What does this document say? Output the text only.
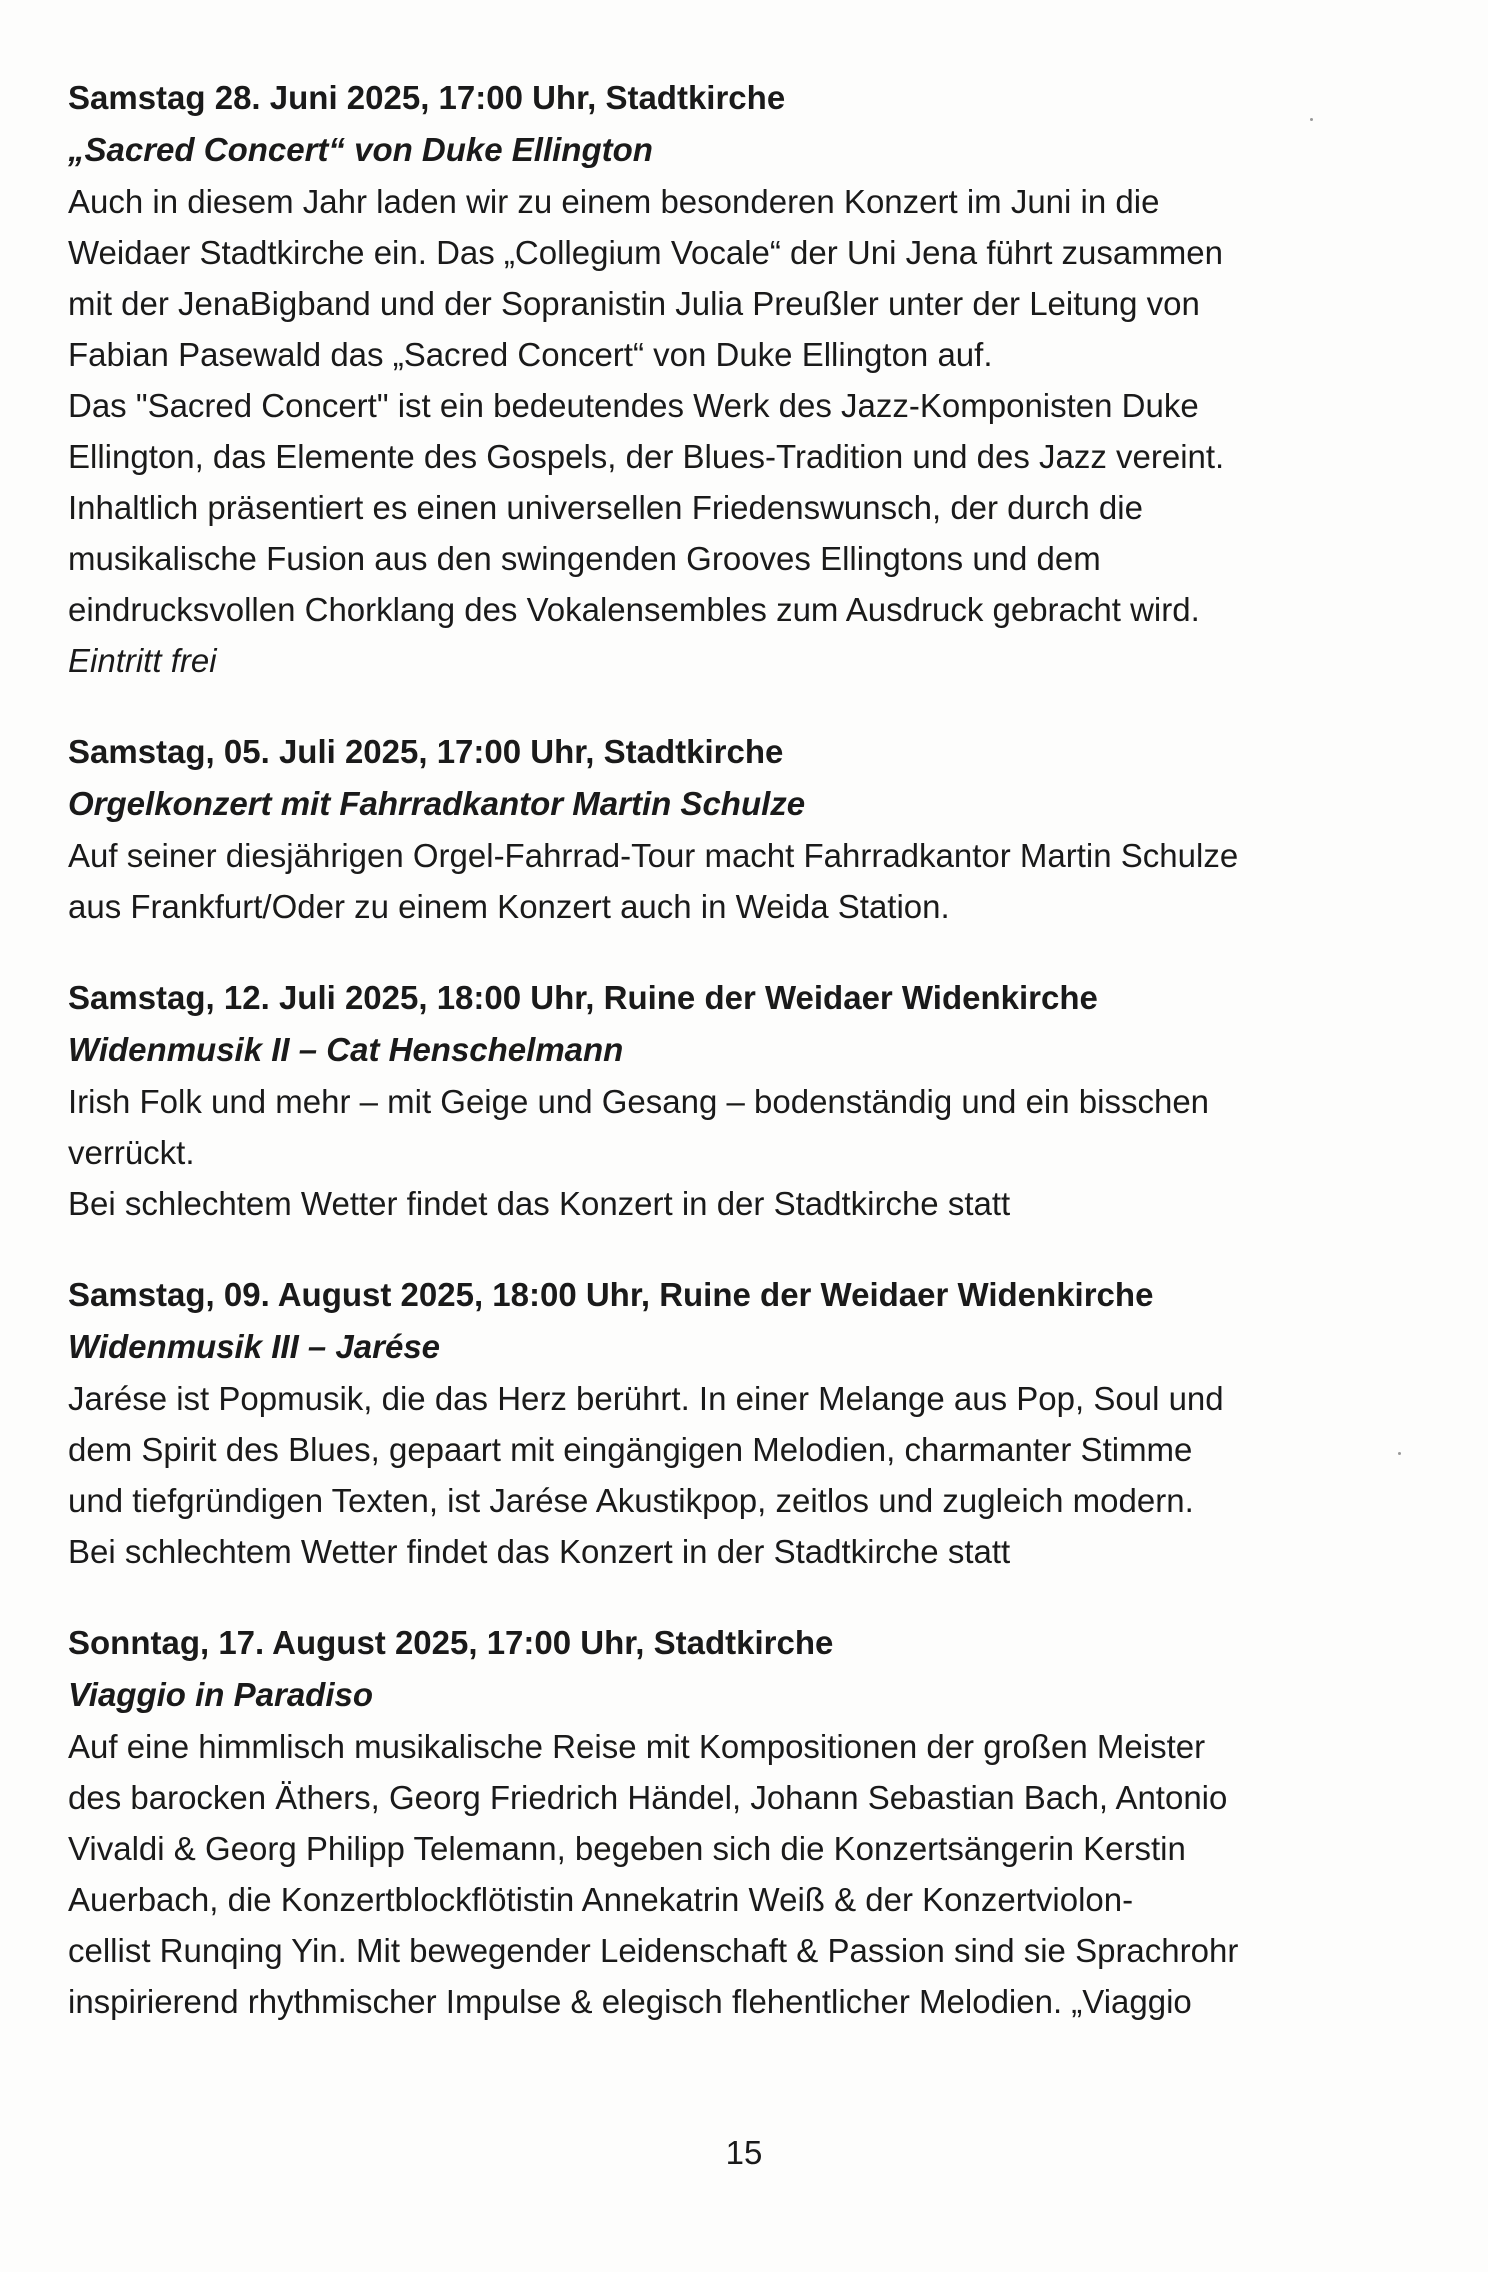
Samstag 28. Juni 2025, 17:00 Uhr, Stadtkirche
„Sacred Concert“ von Duke Ellington

Auch in diesem Jahr laden wir zu einem besonderen Konzert im Juni in die

Weidaer Stadtkirche ein. Das „Collegium Vocale“ der Uni Jena führt zusammen

mit der JenaBigband und der Sopranistin Julia Preußler unter der Leitung von

Fabian Pasewald das „Sacred Concert“ von Duke Ellington auf.

Das "Sacred Concert" ist ein bedeutendes Werk des Jazz-Komponisten Duke

Ellington, das Elemente des Gospels, der Blues-Tradition und des Jazz vereint.

Inhaltlich präsentiert es einen universellen Friedenswunsch, der durch die

musikalische Fusion aus den swingenden Grooves Ellingtons und dem

eindrucksvollen Chorklang des Vokalensembles zum Ausdruck gebracht wird.

Eintritt frei
Samstag, 05. Juli 2025, 17:00 Uhr, Stadtkirche
Orgelkonzert mit Fahrradkantor Martin Schulze

Auf seiner diesjährigen Orgel-Fahrrad-Tour macht Fahrradkantor Martin Schulze

aus Frankfurt/Oder zu einem Konzert auch in Weida Station.

Samstag, 12. Juli 2025, 18:00 Uhr, Ruine der Weidaer Widenkirche
Widenmusik II – Cat Henschelmann

Irish Folk und mehr – mit Geige und Gesang – bodenständig und ein bisschen

verrückt.

Bei schlechtem Wetter findet das Konzert in der Stadtkirche statt

Samstag, 09. August 2025, 18:00 Uhr, Ruine der Weidaer Widenkirche
Widenmusik III – Jarése

Jarése ist Popmusik, die das Herz berührt. In einer Melange aus Pop, Soul und

dem Spirit des Blues, gepaart mit eingängigen Melodien, charmanter Stimme

und tiefgründigen Texten, ist Jarése Akustikpop, zeitlos und zugleich modern.

Bei schlechtem Wetter findet das Konzert in der Stadtkirche statt

Sonntag, 17. August 2025, 17:00 Uhr, Stadtkirche
Viaggio in Paradiso

Auf eine himmlisch musikalische Reise mit Kompositionen der großen Meister

des barocken Äthers, Georg Friedrich Händel, Johann Sebastian Bach, Antonio

Vivaldi & Georg Philipp Telemann, begeben sich die Konzertsängerin Kerstin

Auerbach, die Konzertblockflötistin Annekatrin Weiß & der Konzertviolon-

cellist Runqing Yin. Mit bewegender Leidenschaft & Passion sind sie Sprachrohr

inspirierend rhythmischer Impulse & elegisch flehentlicher Melodien. „Viaggio

15
